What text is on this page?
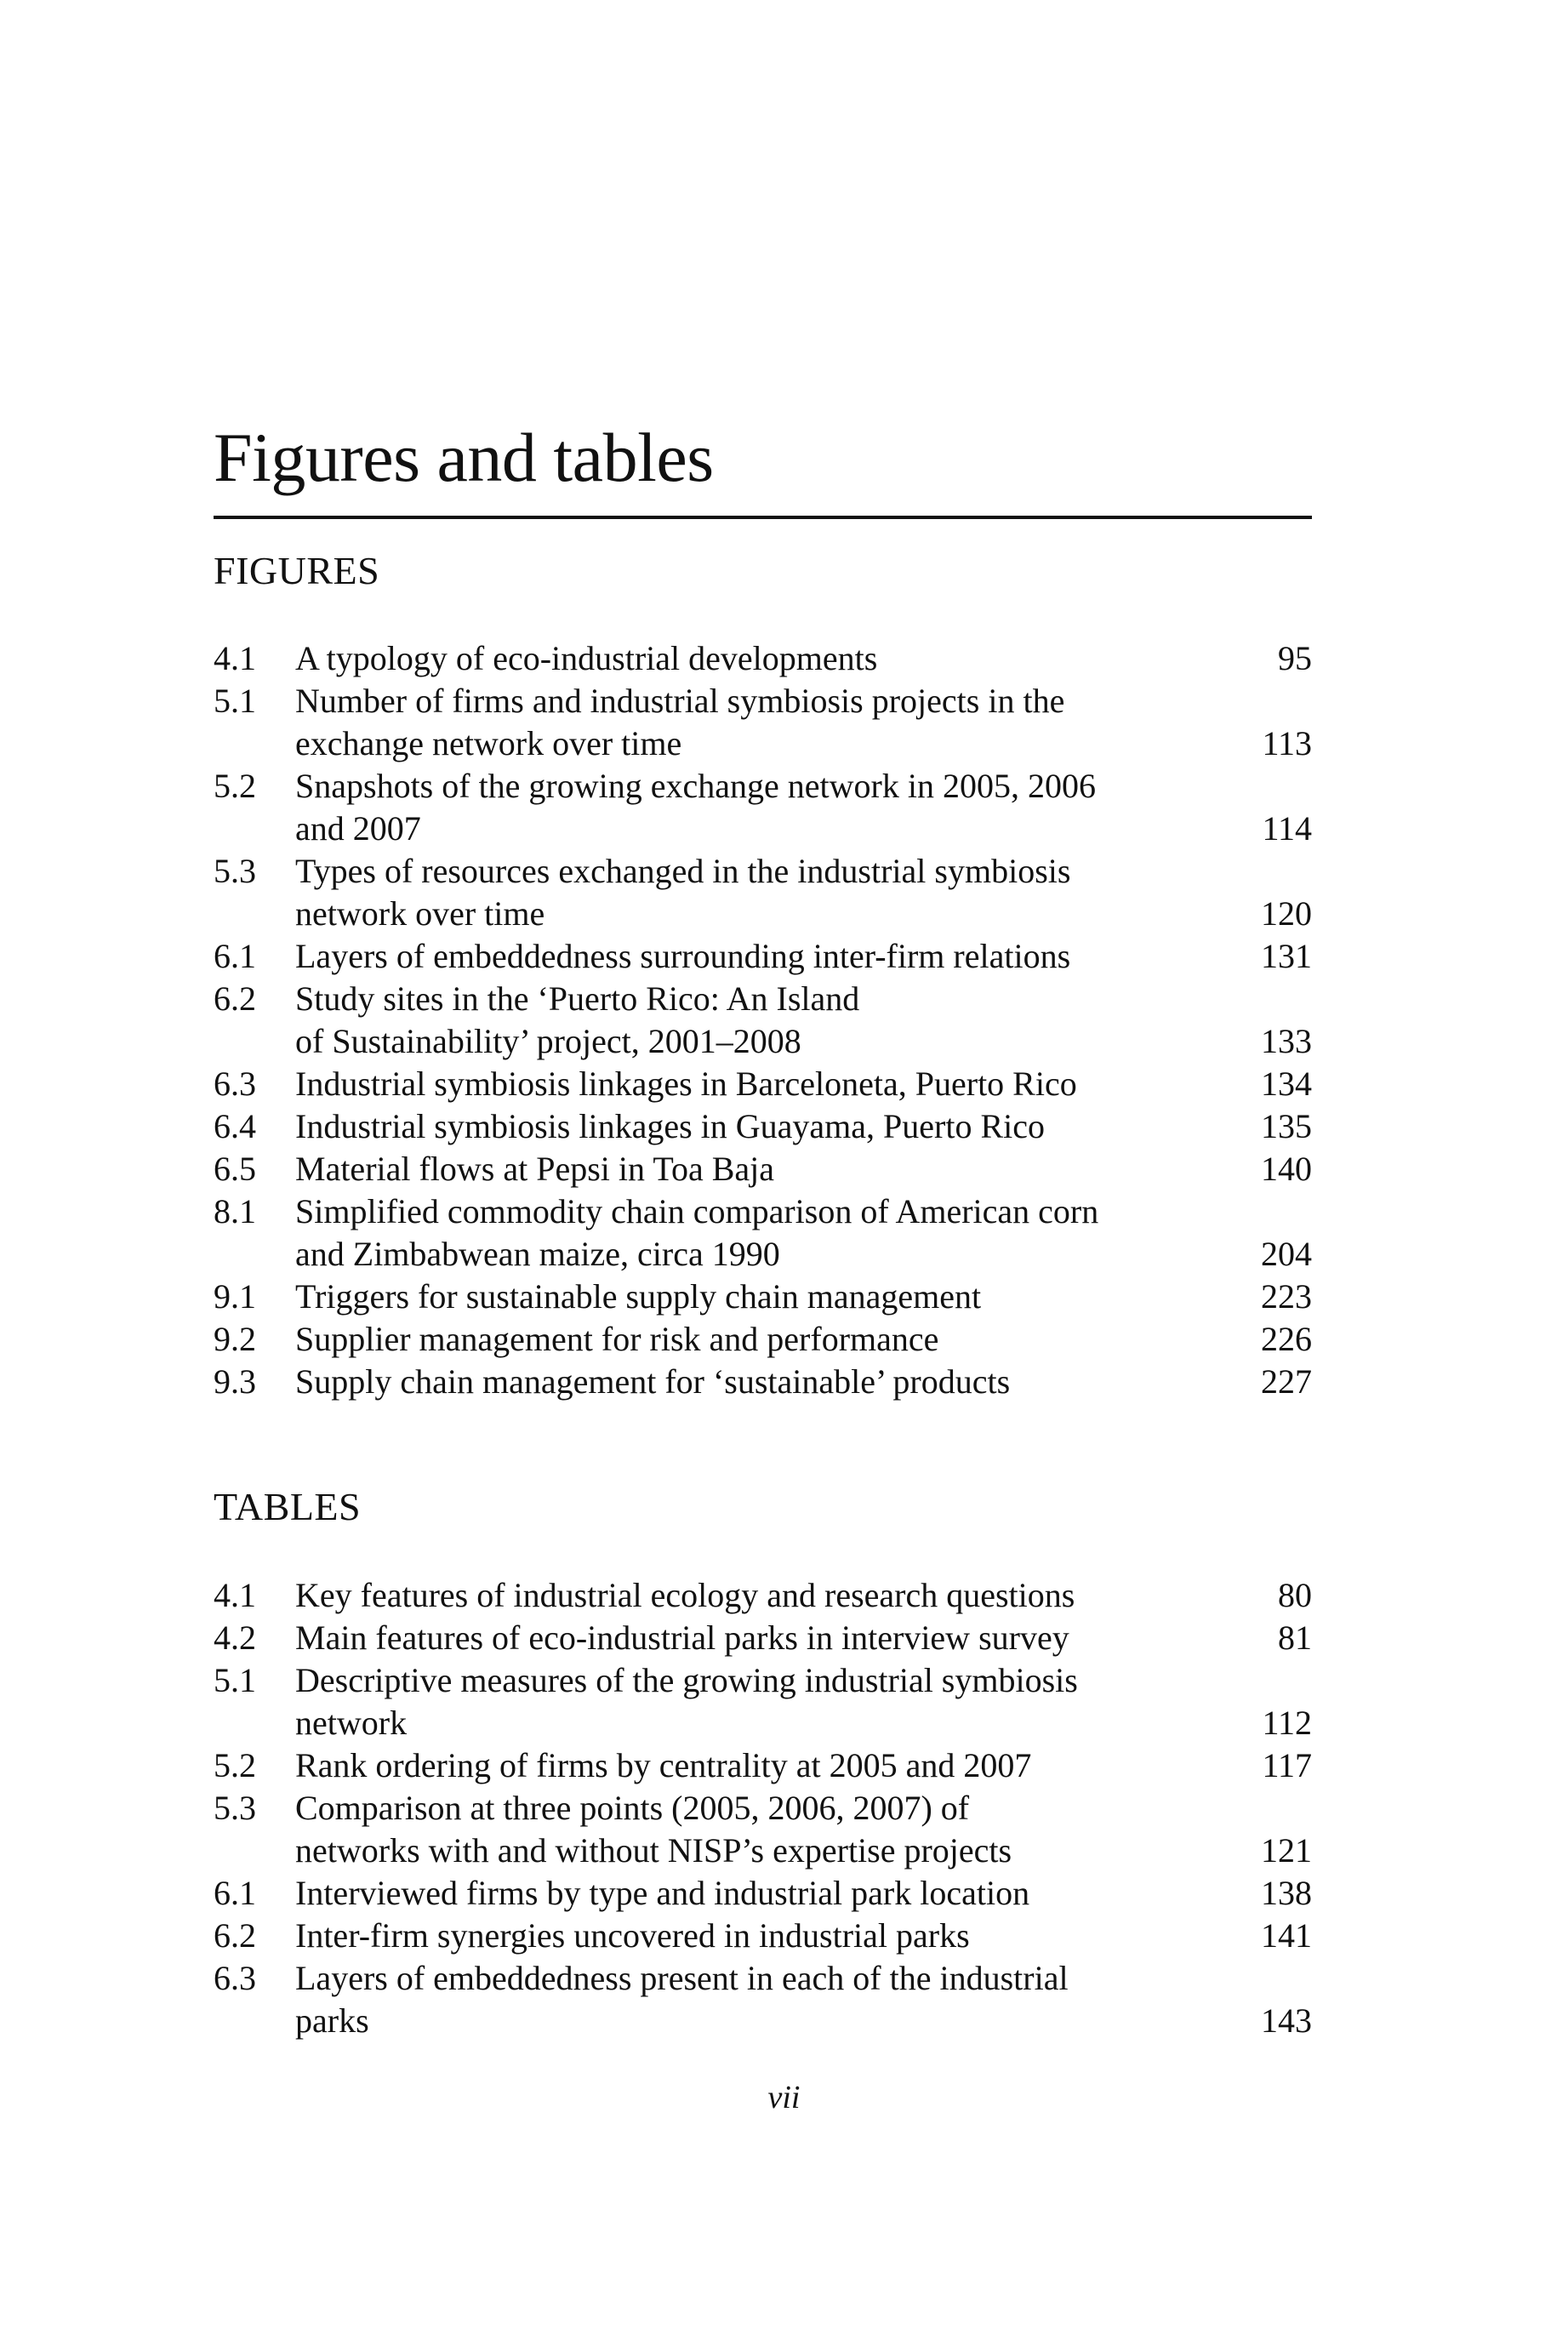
Figures and tables
FIGURES
4.1 A typology of eco-industrial developments	95
5.1 Number of firms and industrial symbiosis projects in the
exchange network over time	113
5.2 Snapshots of the growing exchange network in 2005, 2006
and 2007	114
5.3 Types of resources exchanged in the industrial symbiosis
network over time	120
6.1 Layers of embeddedness surrounding inter-firm relations	131
6.2 Study sites in the ‘Puerto Rico: An Island
of Sustainability’ project, 2001–2008	133
6.3 Industrial symbiosis linkages in Barceloneta, Puerto Rico	134
6.4 Industrial symbiosis linkages in Guayama, Puerto Rico	135
6.5 Material flows at Pepsi in Toa Baja	140
8.1 Simplified commodity chain comparison of American corn
and Zimbabwean maize, circa 1990	204
9.1 Triggers for sustainable supply chain management	223
9.2 Supplier management for risk and performance	226
9.3 Supply chain management for ‘sustainable’ products	227
TABLES
4.1 Key features of industrial ecology and research questions	80
4.2 Main features of eco-industrial parks in interview survey	81
5.1 Descriptive measures of the growing industrial symbiosis
network	112
5.2 Rank ordering of firms by centrality at 2005 and 2007	117
5.3 Comparison at three points (2005, 2006, 2007) of
networks with and without NISP’s expertise projects	121
6.1 Interviewed firms by type and industrial park location	138
6.2 Inter-firm synergies uncovered in industrial parks	141
6.3 Layers of embeddedness present in each of the industrial
parks	143
vii
